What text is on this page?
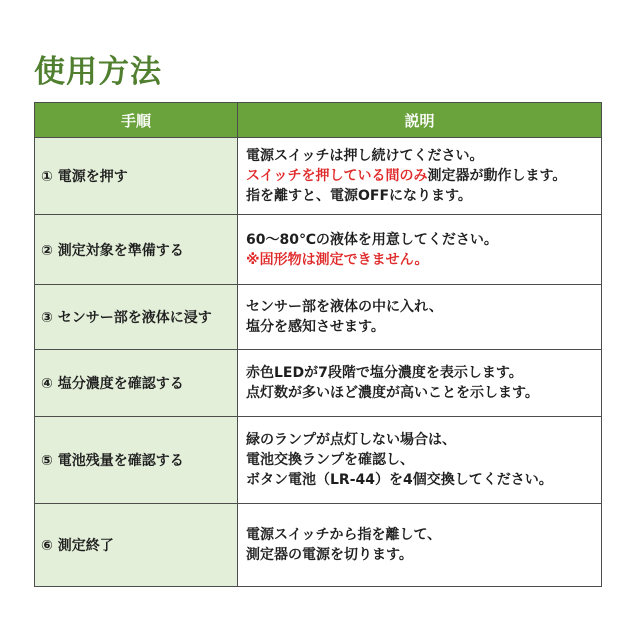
使用方法
手順	説明
① 電源を押す	電源スイッチは押し続けてください。
スイッチを押している間のみ測定器が動作します。
指を離すと、電源OFFになります。

② 測定対象を準備する	60～80℃の液体を用意してください。
※固形物は測定できません。

③ センサー部を液体に浸す	センサー部を液体の中に入れ、
塩分を感知させます。

④ 塩分濃度を確認する	赤色LEDが7段階で塩分濃度を表示します。
点灯数が多いほど濃度が高いことを示します。

⑤ 電池残量を確認する	緑のランプが点灯しない場合は、
電池交換ランプを確認し、
ボタン電池（LR-44）を4個交換してください。

⑥ 測定終了	電源スイッチから指を離して、
測定器の電源を切ります。
